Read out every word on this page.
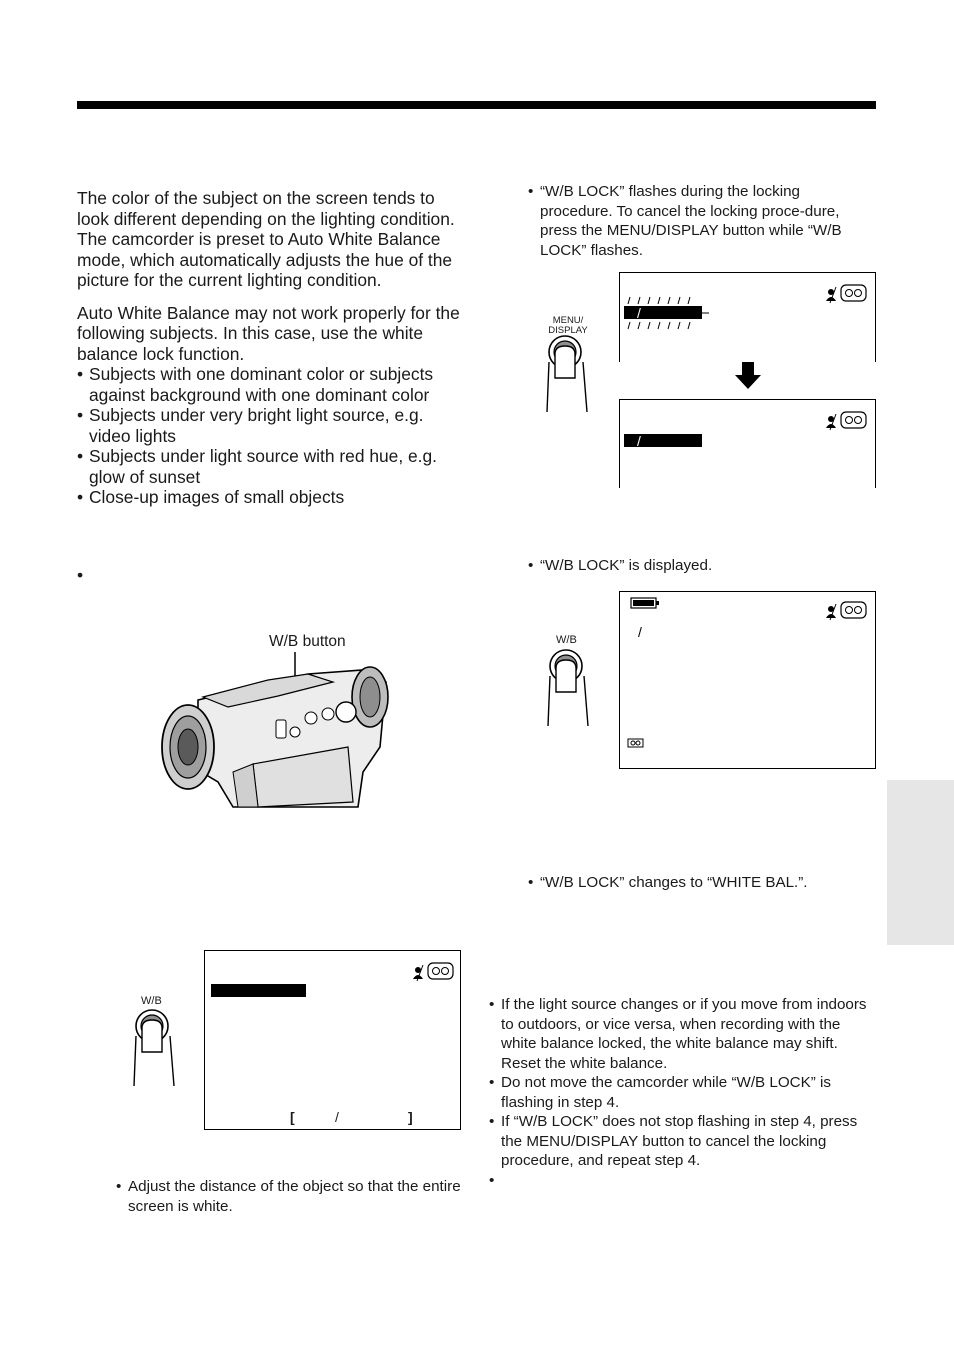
The color of the subject on the screen tends to look different depending on the lighting condition. The camcorder is preset to Auto White Balance mode, which automatically adjusts the hue of the picture for the current lighting condition.

Auto White Balance may not work properly for the following subjects. In this case, use the white balance lock function.

• Subjects with one dominant color or subjects against background with one dominant color
• Subjects under very bright light source, e.g. video lights
• Subjects under light source with red hue, e.g. glow of sunset
• Close-up images of small objects
•
W/B button
W/B
[	/	]
• Adjust the distance of the object so that the entire screen is white.
• “W/B LOCK” flashes during the locking procedure. To cancel the locking proce-dure, press the MENU/DISPLAY button while “W/B LOCK” flashes.
MENU/
DISPLAY
/
/
• “W/B LOCK” is displayed.
W/B	/
• “W/B LOCK” changes to “WHITE BAL.”.
• If the light source changes or if you move from indoors to outdoors, or vice versa, when recording with the white balance locked, the white balance may shift. Reset the white balance.
• Do not move the camcorder while “W/B LOCK” is flashing in step 4.
• If “W/B LOCK” does not stop flashing in step 4, press the MENU/DISPLAY button to cancel the locking procedure, and repeat step 4.
•
